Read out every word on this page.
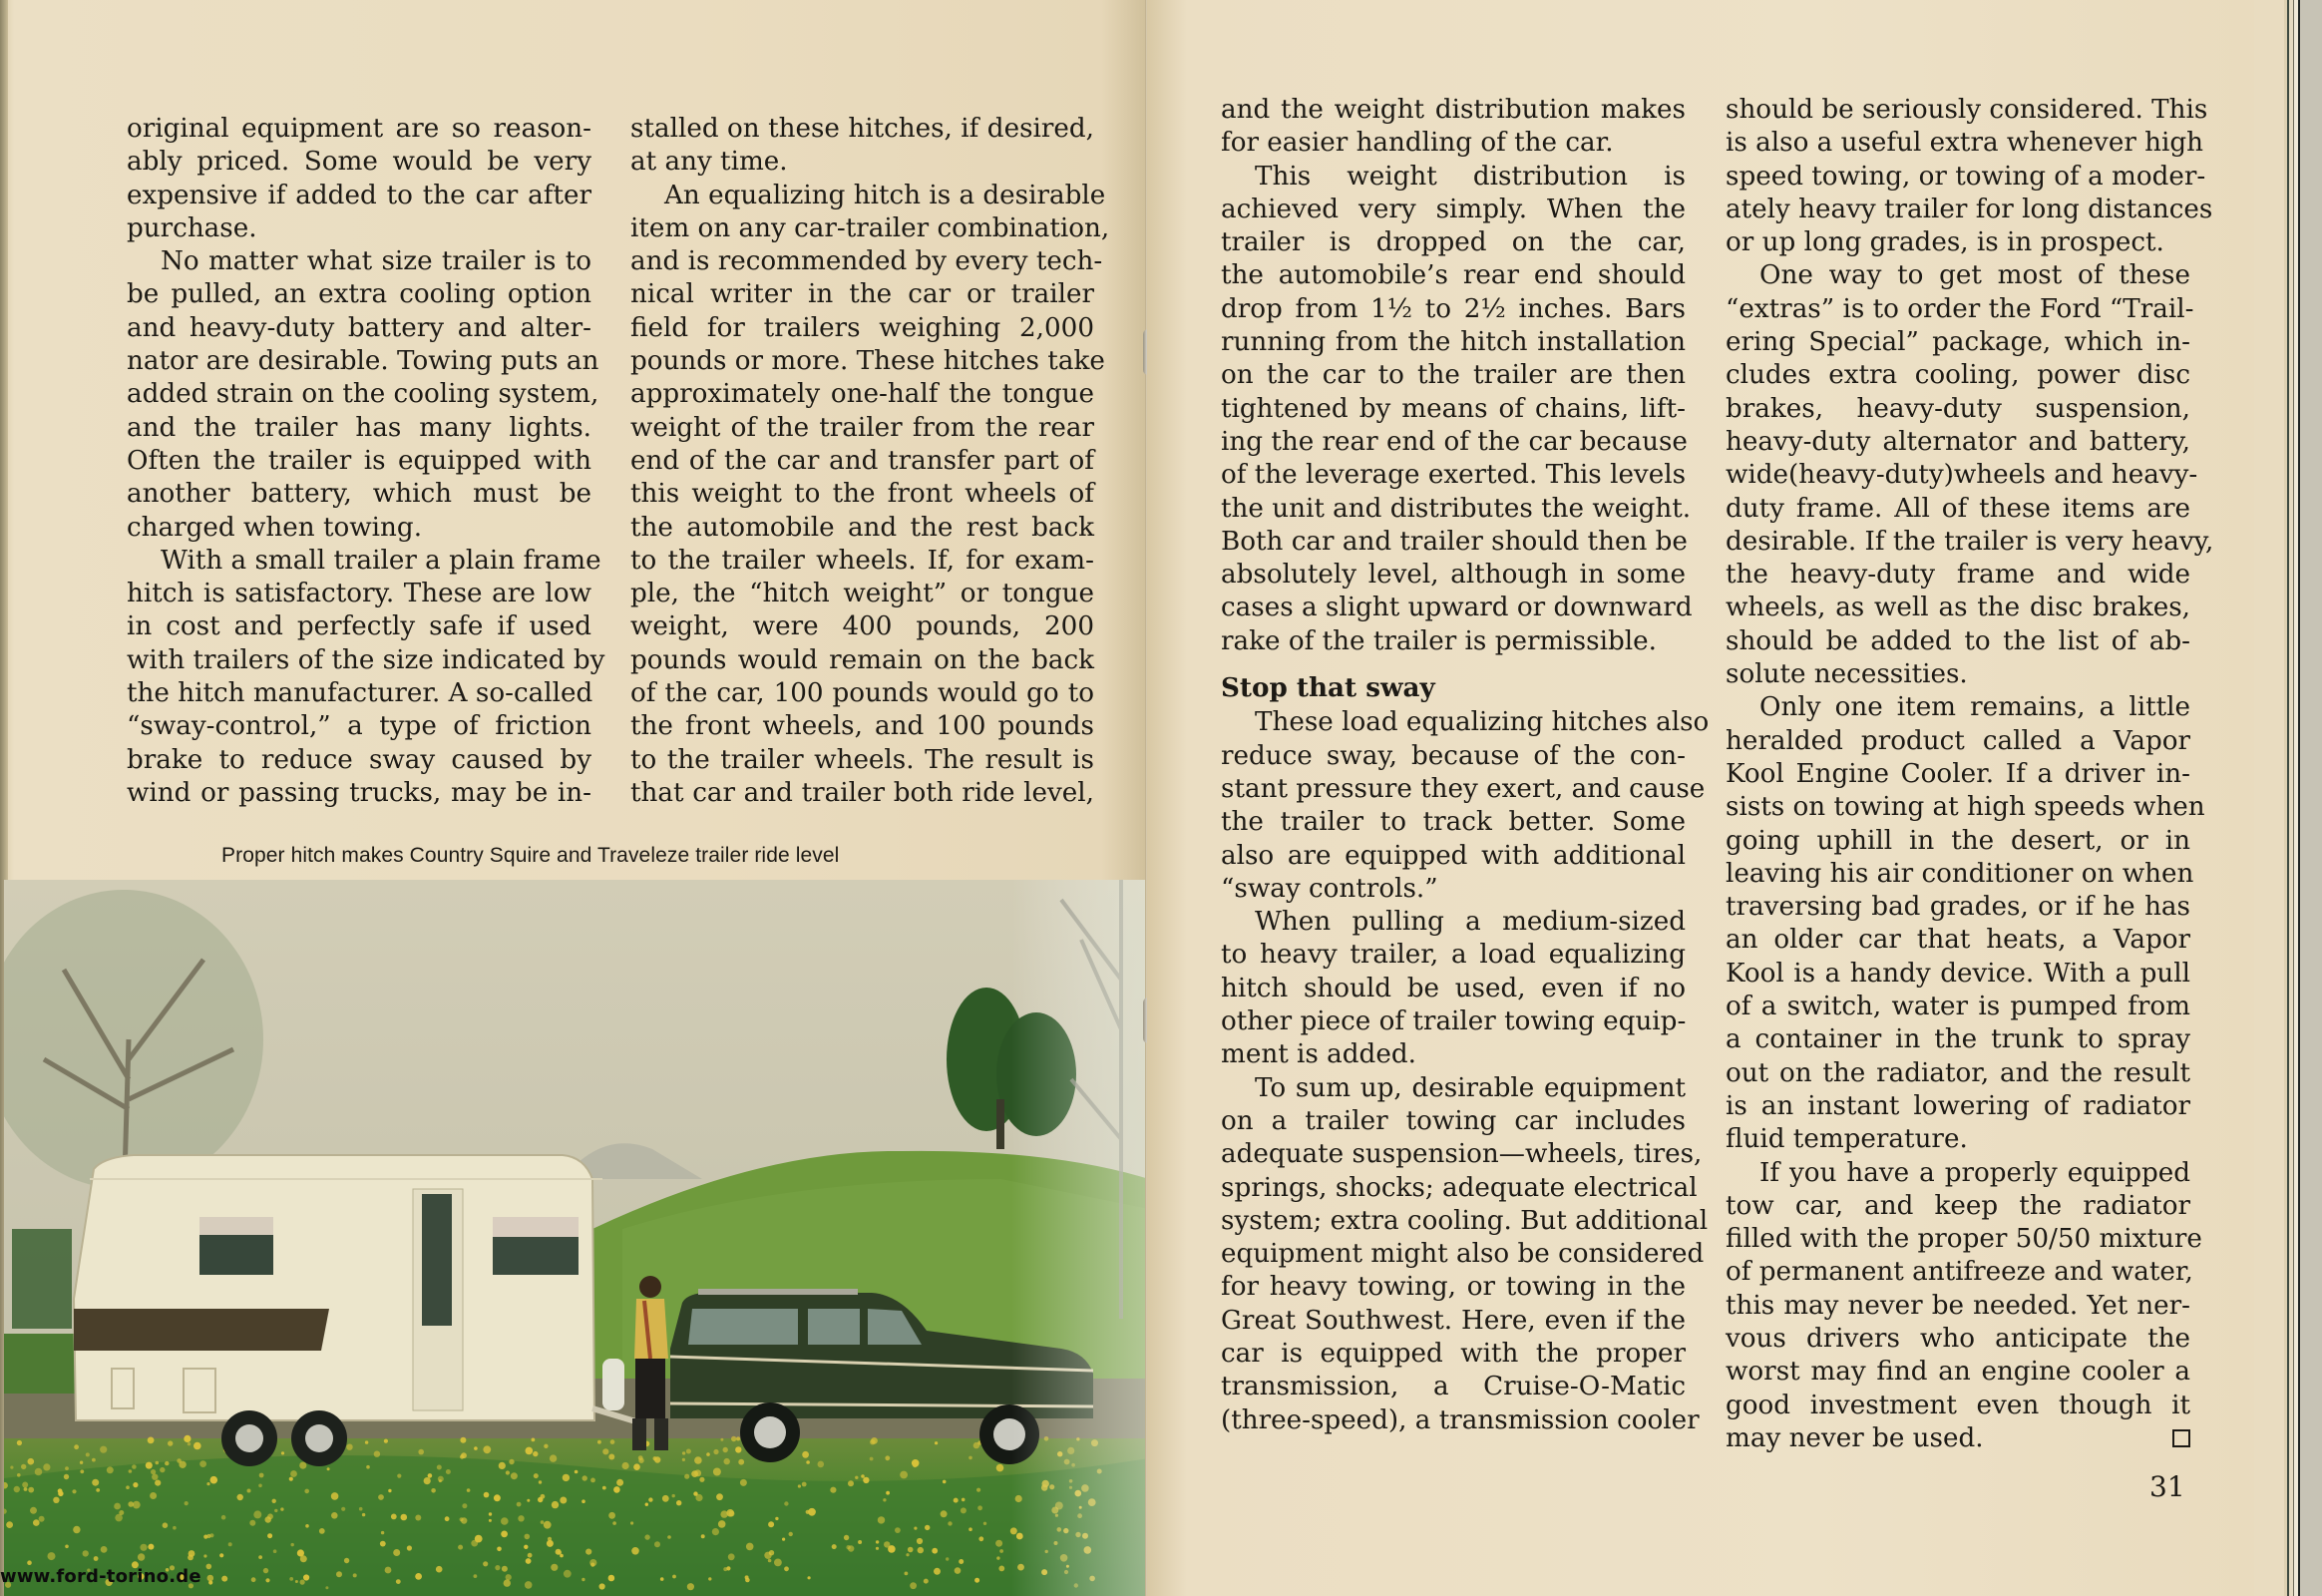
original equipment are so reason-
ably priced. Some would be very
expensive if added to the car after
purchase.
No matter what size trailer is to
be pulled, an extra cooling option
and heavy-duty battery and alter-
nator are desirable. Towing puts an
added strain on the cooling system,
and the trailer has many lights.
Often the trailer is equipped with
another battery, which must be
charged when towing.
With a small trailer a plain frame
hitch is satisfactory. These are low
in cost and perfectly safe if used
with trailers of the size indicated by
the hitch manufacturer. A so-called
“sway-control,” a type of friction
brake to reduce sway caused by
wind or passing trucks, may be in-
stalled on these hitches, if desired,
at any time.
An equalizing hitch is a desirable
item on any car-trailer combination,
and is recommended by every tech-
nical writer in the car or trailer
field for trailers weighing 2,000
pounds or more. These hitches take
approximately one-half the tongue
weight of the trailer from the rear
end of the car and transfer part of
this weight to the front wheels of
the automobile and the rest back
to the trailer wheels. If, for exam-
ple, the “hitch weight” or tongue
weight, were 400 pounds, 200
pounds would remain on the back
of the car, 100 pounds would go to
the front wheels, and 100 pounds
to the trailer wheels. The result is
that car and trailer both ride level,
Proper hitch makes Country Squire and Traveleze trailer ride level
www.ford-torino.de
and the weight distribution makes
for easier handling of the car.
This weight distribution is
achieved very simply. When the
trailer is dropped on the car,
the automobile’s rear end should
drop from 1½ to 2½ inches. Bars
running from the hitch installation
on the car to the trailer are then
tightened by means of chains, lift-
ing the rear end of the car because
of the leverage exerted. This levels
the unit and distributes the weight.
Both car and trailer should then be
absolutely level, although in some
cases a slight upward or downward
rake of the trailer is permissible.
Stop that sway
These load equalizing hitches also
reduce sway, because of the con-
stant pressure they exert, and cause
the trailer to track better. Some
also are equipped with additional
“sway controls.”
When pulling a medium-sized
to heavy trailer, a load equalizing
hitch should be used, even if no
other piece of trailer towing equip-
ment is added.
To sum up, desirable equipment
on a trailer towing car includes
adequate suspension—wheels, tires,
springs, shocks; adequate electrical
system; extra cooling. But additional
equipment might also be considered
for heavy towing, or towing in the
Great Southwest. Here, even if the
car is equipped with the proper
transmission, a Cruise-O-Matic
(three-speed), a transmission cooler
should be seriously considered. This
is also a useful extra whenever high
speed towing, or towing of a moder-
ately heavy trailer for long distances
or up long grades, is in prospect.
One way to get most of these
“extras” is to order the Ford “Trail-
ering Special” package, which in-
cludes extra cooling, power disc
brakes, heavy-duty suspension,
heavy-duty alternator and battery,
wide(heavy-duty)wheels and heavy-
duty frame. All of these items are
desirable. If the trailer is very heavy,
the heavy-duty frame and wide
wheels, as well as the disc brakes,
should be added to the list of ab-
solute necessities.
Only one item remains, a little
heralded product called a Vapor
Kool Engine Cooler. If a driver in-
sists on towing at high speeds when
going uphill in the desert, or in
leaving his air conditioner on when
traversing bad grades, or if he has
an older car that heats, a Vapor
Kool is a handy device. With a pull
of a switch, water is pumped from
a container in the trunk to spray
out on the radiator, and the result
is an instant lowering of radiator
fluid temperature.
If you have a properly equipped
tow car, and keep the radiator
filled with the proper 50/50 mixture
of permanent antifreeze and water,
this may never be needed. Yet ner-
vous drivers who anticipate the
worst may find an engine cooler a
good investment even though it
may never be used.
31
